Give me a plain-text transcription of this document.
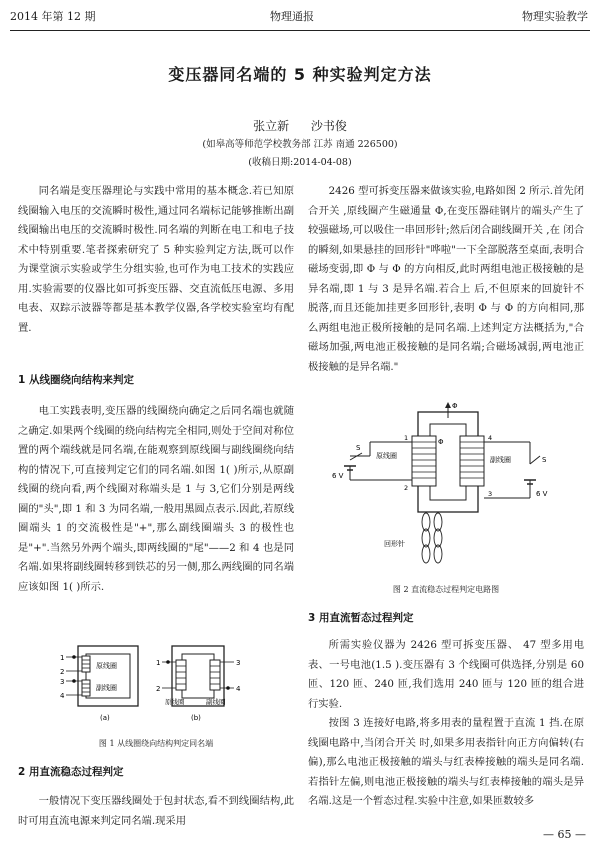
2014 年第 12 期	物理通报	物理实验教学
变压器同名端的 5 种实验判定方法
张立新 沙书俊
(如皋高等师范学校教务部 江苏 南通 226500)
(收稿日期:2014-04-08)

同名端是变压器理论与实践中常用的基本概念.若已知原线圈输入电压的交流瞬时极性,通过同名端标记能够推断出副线圈输出电压的交流瞬时极性.同名端的判断在电工和电子技术中特别重要.笔者探索研究了 5 种实验判定方法,既可以作为课堂演示实验或学生分组实验,也可作为电工技术的实践应用.实验需要的仪器比如可拆变压器、交直流低压电源、多用电表、双踪示波器等都是基本教学仪器,各学校实验室均有配置.

1 从线圈绕向结构来判定

电工实践表明,变压器的线圈绕向确定之后同名端也就随之确定.如果两个线圈的绕向结构完全相同,则处于空间对称位置的两个端线就是同名端,在能观察到原线圈与副线圈绕向结构的情况下,可直接判定它们的同名端.如图 1( )所示,从原副线圈的绕向看,两个线圈对称端头是 1 与 3,它们分别是两线圈的"头",即 1 和 3 为同名端,一般用黑圆点表示.因此,若原线圈端头 1 的交流极性是"+",那么副线圈端头 3 的极性也是"+".当然另外两个端头,即两线圈的"尾"——2 和 4 也是同名端.如果将副线圈转移到铁芯的另一侧,那么两线圈的同名端应该如图 1( )所示.

1
2
3
4
原线圈
副线圈
(a)
1
2
3
4
原线圈	副线圈
(b)
图 1 从线圈绕向结构判定同名端
2 用直流稳态过程判定

一般情况下变压器线圈处于包封状态,看不到线圈结构,此时可用直流电源来判定同名端.现采用

2426 型可拆变压器来做该实验,电路如图 2 所示.首先闭合开关 ,原线圈产生磁通量 Φ,在变压器硅钢片的端头产生了较强磁场,可以吸住一串回形针;然后闭合副线圈开关 ,在 闭合的瞬刻,如果悬挂的回形针"哗啦"一下全部脱落至桌面,表明合磁场变弱,即 Φ 与 Φ 的方向相反,此时两组电池正极接触的是异名端,即 1 与 3 是异名端.若合上 后,不但原来的回旋针不脱落,而且还能加挂更多回形针,表明 Φ 与 Φ 的方向相同,那么两组电池正极所接触的是同名端.上述判定方法概括为,"合磁场加强,两电池正极接触的是同名端;合磁场减弱,两电池正极接触的是异名端."

Φ
Φ
S
6 V
原线圈
1
2
S
6 V
副线圈
4
3
回形针
图 2 直流稳态过程判定电路图
3 用直流暂态过程判定

所需实验仪器为 2426 型可拆变压器、 47 型多用电表、一号电池(1.5 ).变压器有 3 个线圈可供选择,分别是 60 匝、120 匝、240 匝,我们选用 240 匝与 120 匝的组合进行实验.

按图 3 连接好电路,将多用表的量程置于直流 1 挡.在原线圈电路中,当闭合开关 时,如果多用表指针向正方向偏转(右偏),那么电池正极接触的端头与红表棒接触的端头是同名端.若指针左偏,则电池正极接触的端头与红表棒接触的端头是异名端.这是一个暂态过程.实验中注意,如果匝数较多

— 65 —
